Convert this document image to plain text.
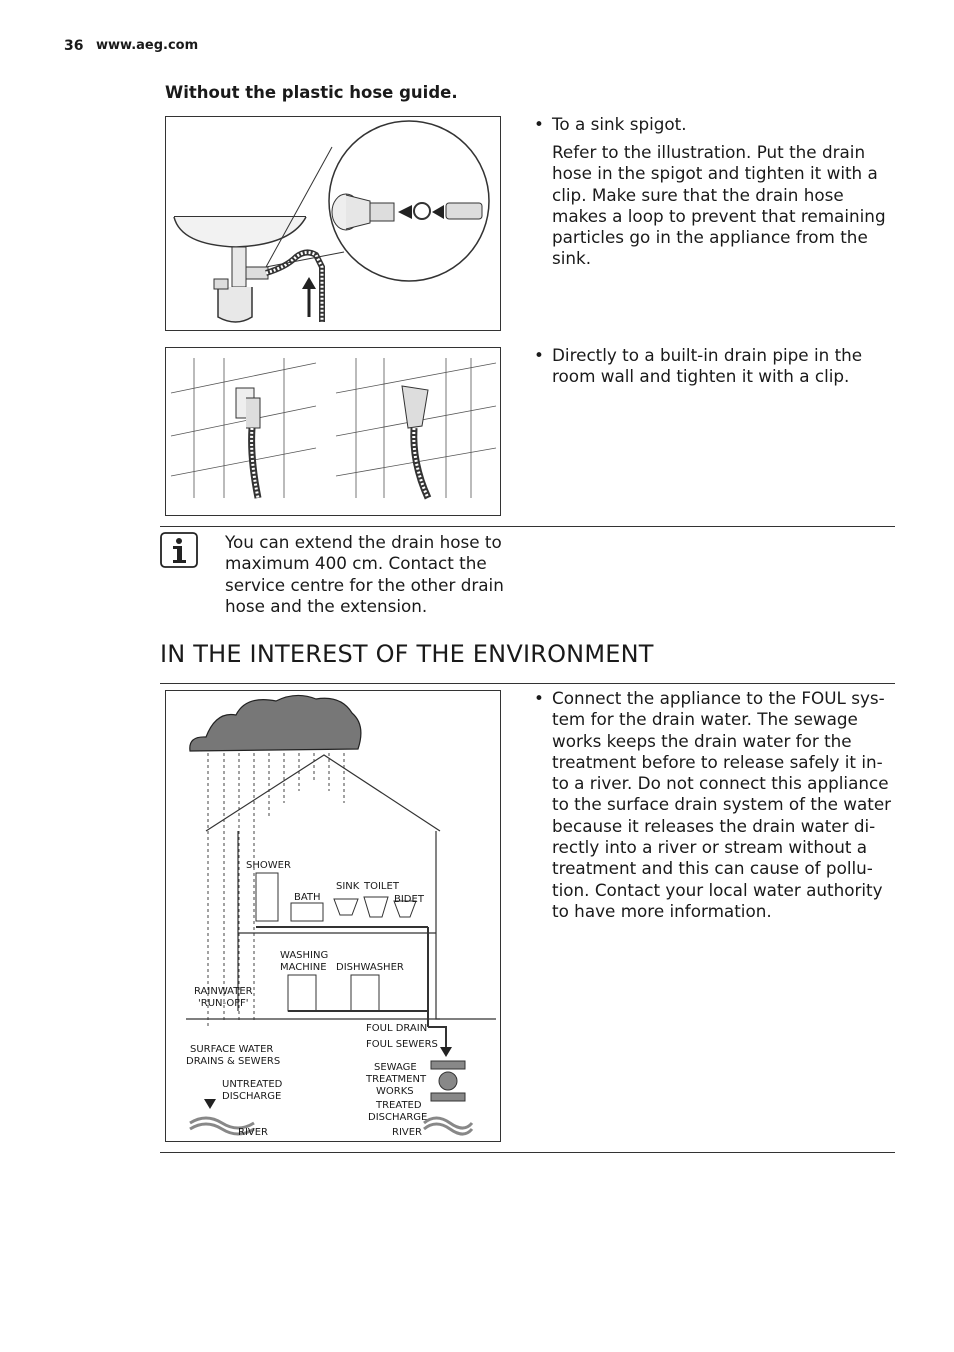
36 www.aeg.com
Without the plastic hose guide.
• To a sink spigot.
Refer to the illustration. Put the drain hose in the spigot and tighten it with a clip. Make sure that the drain hose makes a loop to prevent that remaining particles go in the appliance from the sink.
• Directly to a built-in drain pipe in the room wall and tighten it with a clip.
You can extend the drain hose to maximum 400 cm. Contact the service centre for the other drain hose and the extension.
IN THE INTEREST OF THE ENVIRONMENT
SHOWER
BATH
SINK TOILET
BIDET
WASHING
MACHINE DISHWASHER
RAINWATER
'RUN-OFF'
FOUL DRAIN
FOUL SEWERS
SURFACE WATER
DRAINS & SEWERS
SEWAGE
TREATMENT
WORKS
UNTREATED
DISCHARGE
TREATED
DISCHARGE
RIVER	RIVER
• Connect the appliance to the FOUL sys-tem for the drain water. The sewage works keeps the drain water for the treatment before to release safely it in-to a river. Do not connect this appliance to the surface drain system of the water because it releases the drain water di-rectly into a river or stream without a treatment and this can cause of pollu-tion. Contact your local water authority to have more information.
